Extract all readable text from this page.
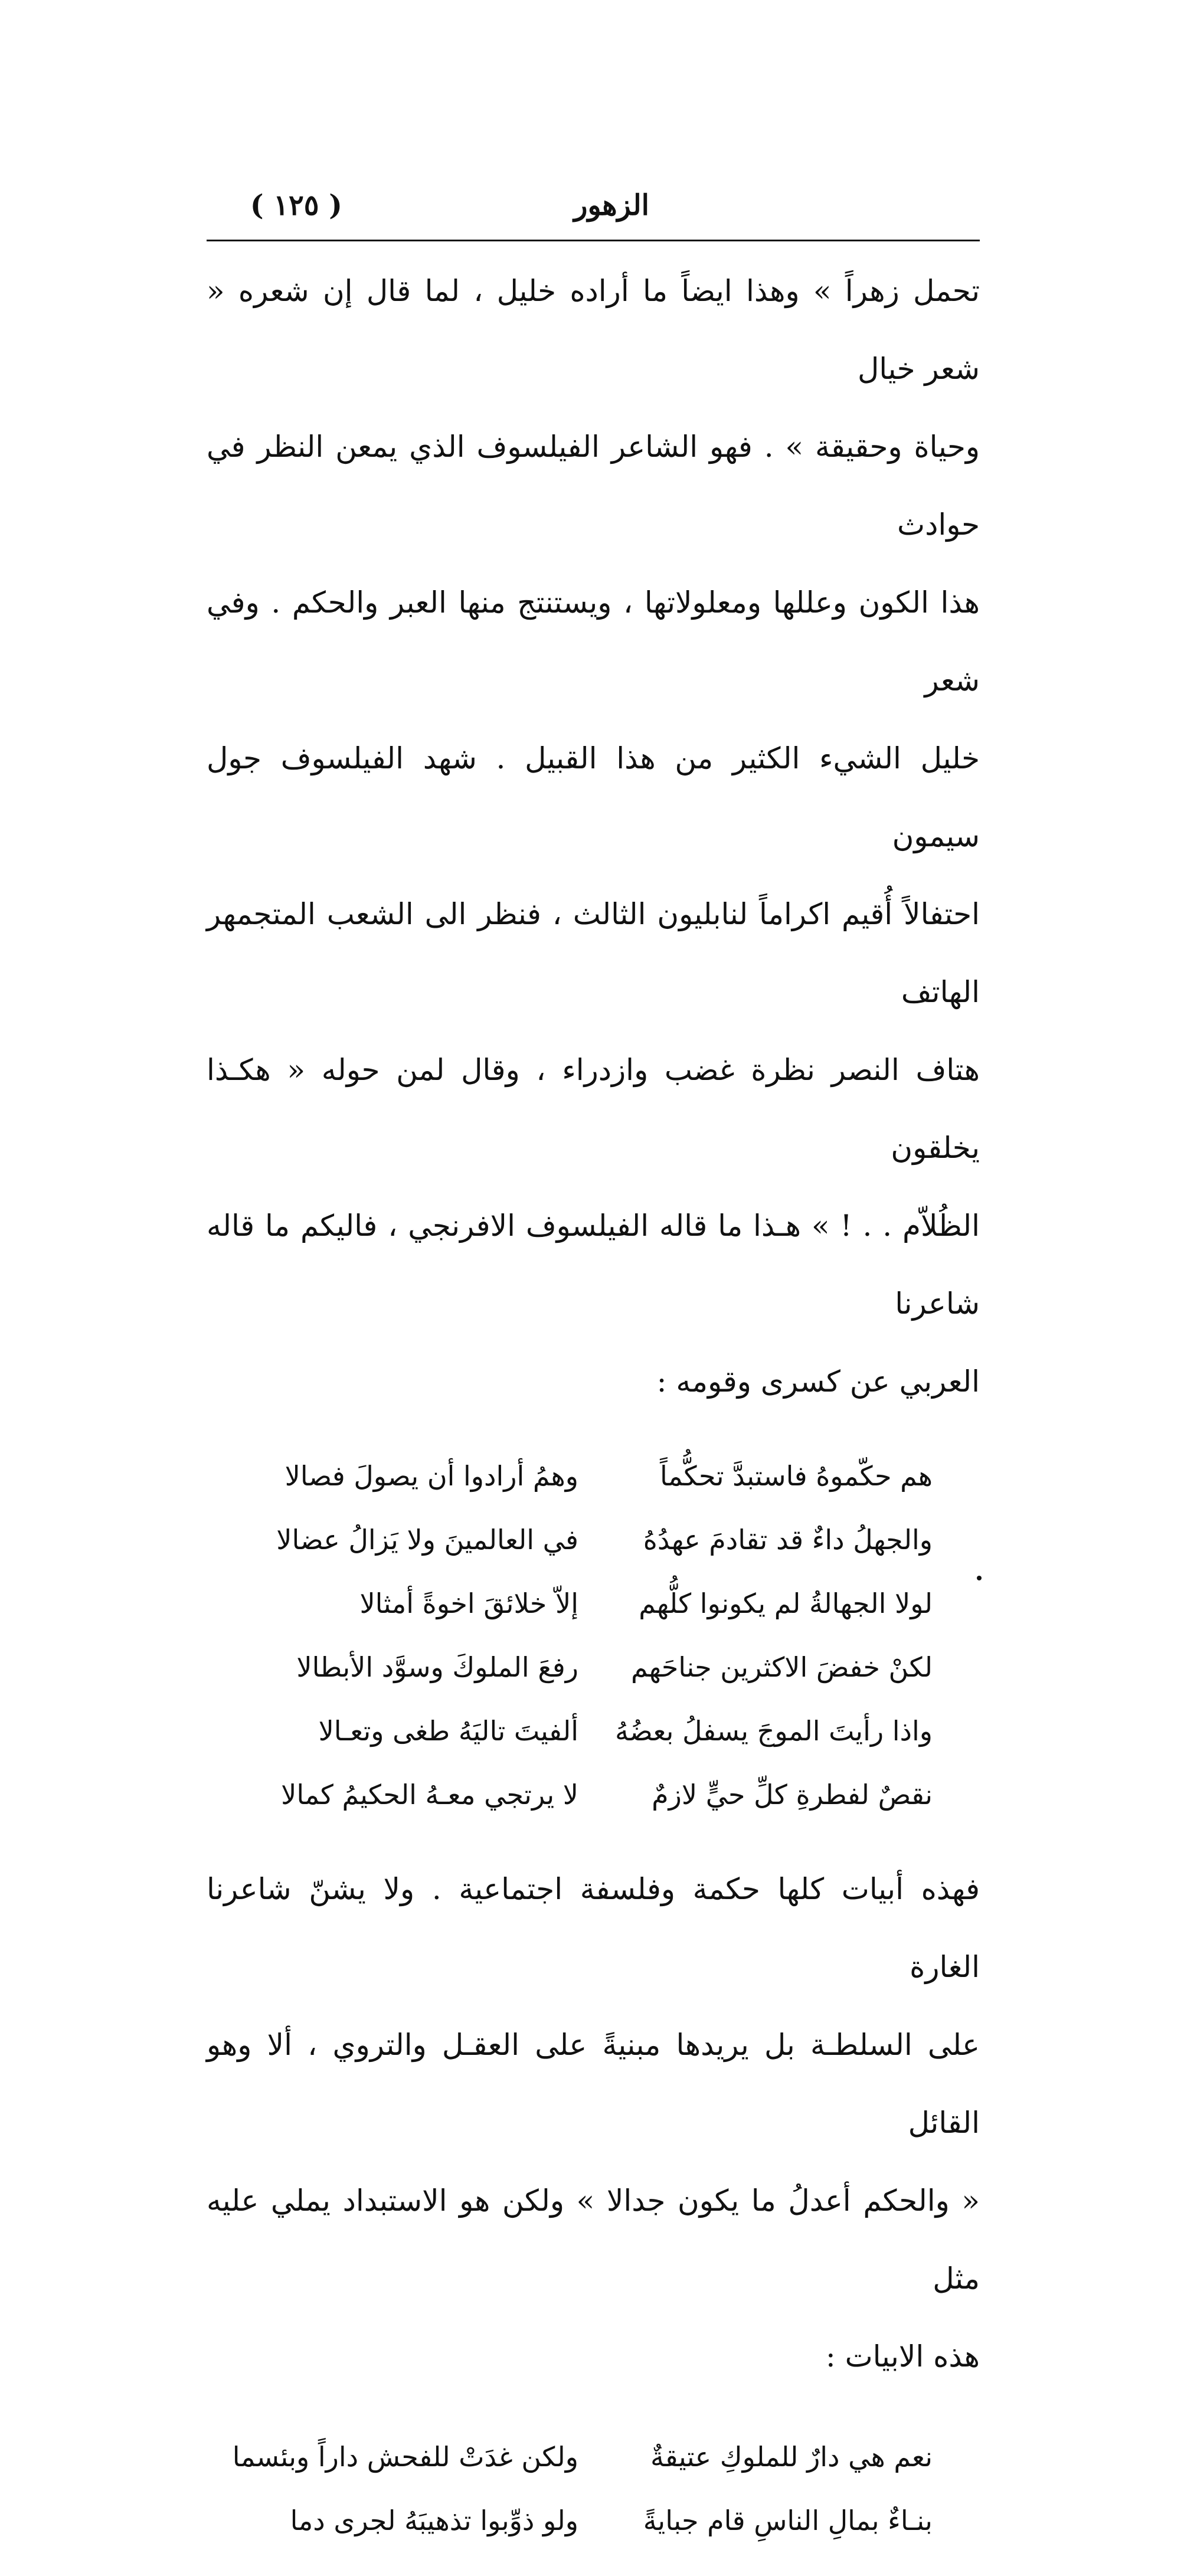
الزهور
( ١٢٥ )

تحمل زهراً » وهذا ايضاً ما أراده خليل ، لما قال إن شعره « شعر خيال

وحياة وحقيقة » . فهو الشاعر الفيلسوف الذي يمعن النظر في حوادث

هذا الكون وعللها ومعلولاتها ، ويستنتج منها العبر والحكم . وفي شعر

خليل الشيء الكثير من هذا القبيل . شهد الفيلسوف جول سيمون

احتفالاً أُقيم اكراماً لنابليون الثالث ، فنظر الى الشعب المتجمهر الهاتف

هتاف النصر نظرة غضب وازدراء ، وقال لمن حوله « هكـذا يخلقون

الظُلاّم . . ! » هـذا ما قاله الفيلسوف الافرنجي ، فاليكم ما قاله شاعرنا

العربي عن كسرى وقومه :

هم حكّموهُ فاستبدَّ تحكُّماً
وهمُ أرادوا أن يصولَ فصالا
والجهلُ داءٌ قد تقادمَ عهدُهُ
في العالمينَ ولا يَزالُ عضالا
لولا الجهالةُ لم يكونوا كلُّهم
إلاّ خلائقَ اخوةً أمثالا
لكنْ خفضَ الاكثرين جناحَهم
رفعَ الملوكَ وسوَّد الأبطالا
واذا رأيتَ الموجَ يسفلُ بعضُهُ
ألفيتَ تاليَهُ طغى وتعـالا
نقصٌ لفطرةِ كلِّ حيٍّ لازمٌ
لا يرتجي معـهُ الحكيمُ كمالا

فهذه أبيات كلها حكمة وفلسفة اجتماعية . ولا يشنّ شاعرنا الغارة

على السلطـة بل يريدها مبنيةً على العقـل والتروي ، ألا وهو القائل

« والحكم أعدلُ ما يكون جدالا » ولكن هو الاستبداد يملي عليه مثل

هذه الابيات :

نعم هي دارٌ للملوكِ عتيقةٌ
ولكن غدَتْ للفحش داراً وبئسما
بنـاءٌ بمالِ الناسِ قام جبايةً
ولو ذوِّبوا تذهيبَهُ لجرى دما
